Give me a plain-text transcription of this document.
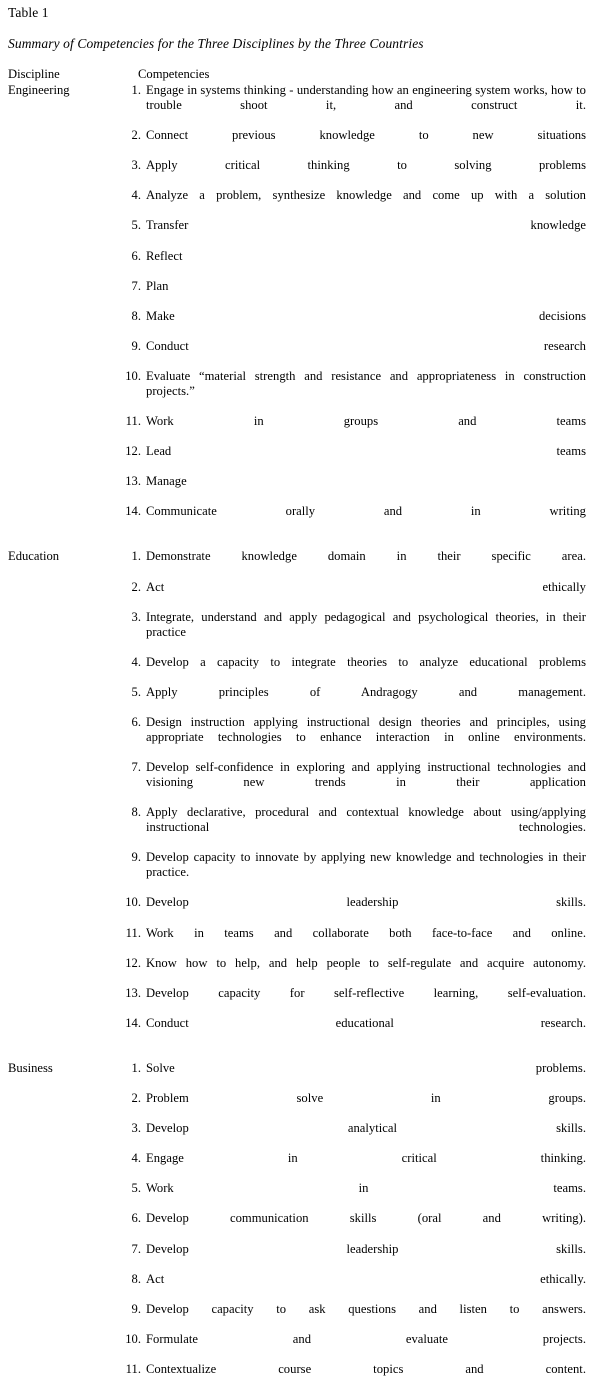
Table 1
Summary of Competencies for the Three Disciplines by the Three Countries
Discipline	Competencies
Engineering	1. Engage in systems thinking - understanding how an engineering system works, how to trouble shoot it, and construct it.
2. Connect previous knowledge to new situations
3. Apply critical thinking to solving problems
4. Analyze a problem, synthesize knowledge and come up with a solution
5. Transfer knowledge
6. Reflect
7. Plan
8. Make decisions
9. Conduct research
10. Evaluate “material strength and resistance and appropriateness in construction projects.”
11. Work in groups and teams
12. Lead teams
13. Manage
14. Communicate orally and in writing

Education	1. Demonstrate knowledge domain in their specific area.
2. Act ethically
3. Integrate, understand and apply pedagogical and psychological theories, in their practice
4. Develop a capacity to integrate theories to analyze educational problems
5. Apply principles of Andragogy and management.
6. Design instruction applying instructional design theories and principles, using appropriate technologies to enhance interaction in online environments.
7. Develop self-confidence in exploring and applying instructional technologies and visioning new trends in their application
8. Apply declarative, procedural and contextual knowledge about using/applying instructional technologies.
9. Develop capacity to innovate by applying new knowledge and technologies in their practice.
10. Develop leadership skills.
11. Work in teams and collaborate both face-to-face and online.
12. Know how to help, and help people to self-regulate and acquire autonomy.
13. Develop capacity for self-reflective learning, self-evaluation.
14. Conduct educational research.

Business	1. Solve problems.
2. Problem solve in groups.
3. Develop analytical skills.
4. Engage in critical thinking.
5. Work in teams.
6. Develop communication skills (oral and writing).
7. Develop leadership skills.
8. Act ethically.
9. Develop capacity to ask questions and listen to answers.
10. Formulate and evaluate projects.
11. Contextualize course topics and content.
